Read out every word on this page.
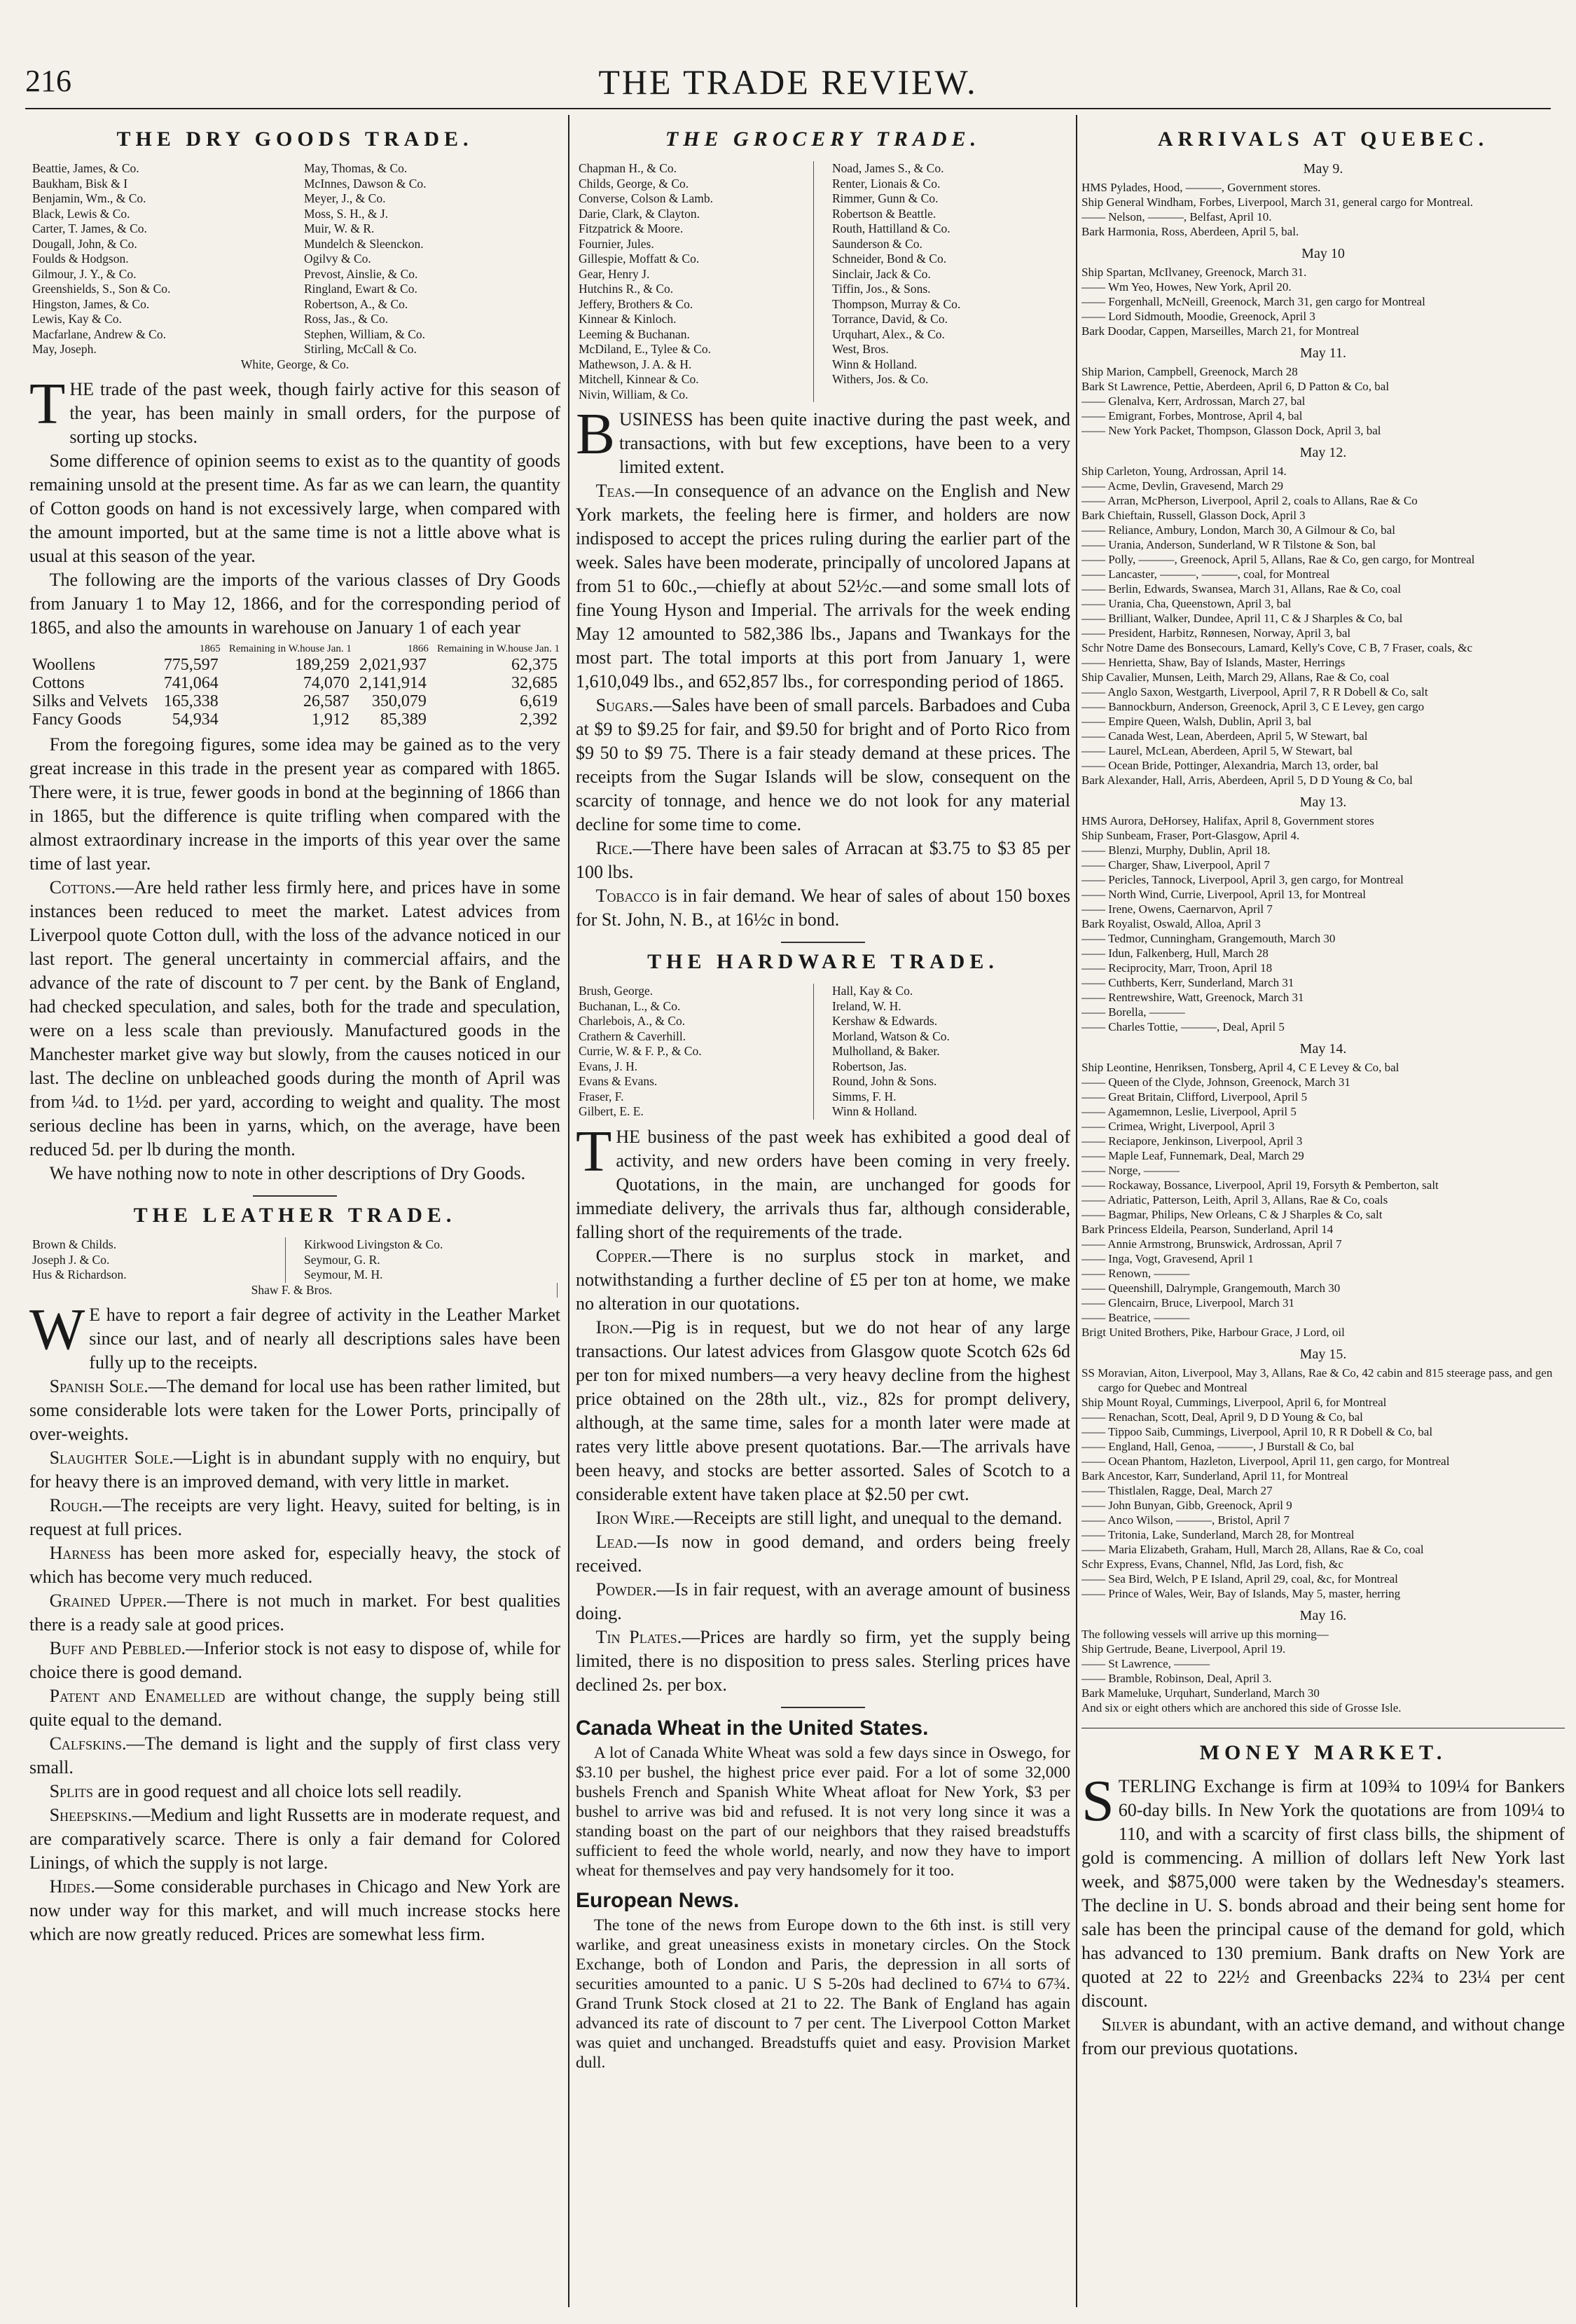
216	THE TRADE REVIEW.
THE DRY GOODS TRADE.
Beattie, James, & Co.	May, Thomas, & Co.
Baukham, Bisk & I	McInnes, Dawson & Co.
Benjamin, Wm., & Co.	Meyer, J., & Co.
Black, Lewis & Co.	Moss, S. H., & J.
Carter, T. James, & Co.	Muir, W. & R.
Dougall, John, & Co.	Mundelch & Sleenckon.
Foulds & Hodgson.	Ogilvy & Co.
Gilmour, J. Y., & Co.	Prevost, Ainslie, & Co.
Greenshields, S., Son & Co.	Ringland, Ewart & Co.
Hingston, James, & Co.	Robertson, A., & Co.
Lewis, Kay & Co.	Ross, Jas., & Co.
Macfarlane, Andrew & Co.	Stephen, William, & Co.
May, Joseph.	Stirling, McCall & Co.
White, George, & Co.

THE trade of the past week, though fairly active for this season of the year, has been mainly in small orders, for the purpose of sorting up stocks.

Some difference of opinion seems to exist as to the quantity of goods remaining unsold at the present time. As far as we can learn, the quantity of Cotton goods on hand is not excessively large, when compared with the amount imported, but at the same time is not a little above what is usual at this season of the year.

The following are the imports of the various classes of Dry Goods from January 1 to May 12, 1866, and for the corresponding period of 1865, and also the amounts in warehouse on January 1 of each year

	1865	Remaining in W.house Jan. 1	1866	Remaining in W.house Jan. 1
Woollens	775,597	189,259	2,021,937	62,375
Cottons	741,064	74,070	2,141,914	32,685
Silks and Velvets	165,338	26,587	350,079	6,619
Fancy Goods	54,934	1,912	85,389	2,392

From the foregoing figures, some idea may be gained as to the very great increase in this trade in the present year as compared with 1865. There were, it is true, fewer goods in bond at the beginning of 1866 than in 1865, but the difference is quite trifling when compared with the almost extraordinary increase in the imports of this year over the same time of last year.

Cottons.—Are held rather less firmly here, and prices have in some instances been reduced to meet the market. Latest advices from Liverpool quote Cotton dull, with the loss of the advance noticed in our last report. The general uncertainty in commercial affairs, and the advance of the rate of discount to 7 per cent. by the Bank of England, had checked speculation, and sales, both for the trade and speculation, were on a less scale than previously. Manufactured goods in the Manchester market give way but slowly, from the causes noticed in our last. The decline on unbleached goods during the month of April was from ¼d. to 1½d. per yard, according to weight and quality. The most serious decline has been in yarns, which, on the average, have been reduced 5d. per lb during the month.

We have nothing now to note in other descriptions of Dry Goods.

THE LEATHER TRADE.
Brown & Childs.	Kirkwood Livingston & Co.
Joseph J. & Co.	Seymour, G. R.
Hus & Richardson.	Seymour, M. H.
Shaw F. & Bros.

W E have to report a fair degree of activity in the Leather Market since our last, and of nearly all descriptions sales have been fully up to the receipts.

Spanish Sole.—The demand for local use has been rather limited, but some considerable lots were taken for the Lower Ports, principally of over-weights.

Slaughter Sole.—Light is in abundant supply with no enquiry, but for heavy there is an improved demand, with very little in market.

Rough.—The receipts are very light. Heavy, suited for belting, is in request at full prices.

Harness has been more asked for, especially heavy, the stock of which has become very much reduced.

Grained Upper.—There is not much in market. For best qualities there is a ready sale at good prices.

Buff and Pebbled.—Inferior stock is not easy to dispose of, while for choice there is good demand.

Patent and Enamelled are without change, the supply being still quite equal to the demand.

Calfskins.—The demand is light and the supply of first class very small.

Splits are in good request and all choice lots sell readily.

Sheepskins.—Medium and light Russetts are in moderate request, and are comparatively scarce. There is only a fair demand for Colored Linings, of which the supply is not large.

Hides.—Some considerable purchases in Chicago and New York are now under way for this market, and will much increase stocks here which are now greatly reduced. Prices are somewhat less firm.

THE GROCERY TRADE.
Chapman H., & Co.	Noad, James S., & Co.
Childs, George, & Co.	Renter, Lionais & Co.
Converse, Colson & Lamb.	Rimmer, Gunn & Co.
Darie, Clark, & Clayton.	Robertson & Beattle.
Fitzpatrick & Moore.	Routh, Hattilland & Co.
Fournier, Jules.	Saunderson & Co.
Gillespie, Moffatt & Co.	Schneider, Bond & Co.
Gear, Henry J.	Sinclair, Jack & Co.
Hutchins R., & Co.	Tiffin, Jos., & Sons.
Jeffery, Brothers & Co.	Thompson, Murray & Co.
Kinnear & Kinloch.	Torrance, David, & Co.
Leeming & Buchanan.	Urquhart, Alex., & Co.
McDiland, E., Tylee & Co.	West, Bros.
Mathewson, J. A. & H.	Winn & Holland.
Mitchell, Kinnear & Co.	Withers, Jos. & Co.
Nivin, William, & Co.

BUSINESS has been quite inactive during the past week, and transactions, with but few exceptions, have been to a very limited extent.

Teas.—In consequence of an advance on the English and New York markets, the feeling here is firmer, and holders are now indisposed to accept the prices ruling during the earlier part of the week. Sales have been moderate, principally of uncolored Japans at from 51 to 60c.,—chiefly at about 52½c.—and some small lots of fine Young Hyson and Imperial. The arrivals for the week ending May 12 amounted to 582,386 lbs., Japans and Twankays for the most part. The total imports at this port from January 1, were 1,610,049 lbs., and 652,857 lbs., for corresponding period of 1865.

Sugars.—Sales have been of small parcels. Barbadoes and Cuba at $9 to $9.25 for fair, and $9.50 for bright and of Porto Rico from $9 50 to $9 75. There is a fair steady demand at these prices. The receipts from the Sugar Islands will be slow, consequent on the scarcity of tonnage, and hence we do not look for any material decline for some time to come.

Rice.—There have been sales of Arracan at $3.75 to $3 85 per 100 lbs.

Tobacco is in fair demand. We hear of sales of about 150 boxes for St. John, N. B., at 16½c in bond.

THE HARDWARE TRADE.
Brush, George.	Hall, Kay & Co.
Buchanan, L., & Co.	Ireland, W. H.
Charlebois, A., & Co.	Kershaw & Edwards.
Crathern & Caverhill.	Morland, Watson & Co.
Currie, W. & F. P., & Co.	Mulholland, & Baker.
Evans, J. H.	Robertson, Jas.
Evans & Evans.	Round, John & Sons.
Fraser, F.	Simms, F. H.
Gilbert, E. E.	Winn & Holland.

THE business of the past week has exhibited a good deal of activity, and new orders have been coming in very freely. Quotations, in the main, are unchanged for goods for immediate delivery, the arrivals thus far, although considerable, falling short of the requirements of the trade.

Copper.—There is no surplus stock in market, and notwithstanding a further decline of £5 per ton at home, we make no alteration in our quotations.

Iron.—Pig is in request, but we do not hear of any large transactions. Our latest advices from Glasgow quote Scotch 62s 6d per ton for mixed numbers—a very heavy decline from the highest price obtained on the 28th ult., viz., 82s for prompt delivery, although, at the same time, sales for a month later were made at rates very little above present quotations. Bar.—The arrivals have been heavy, and stocks are better assorted. Sales of Scotch to a considerable extent have taken place at $2.50 per cwt.

Iron Wire.—Receipts are still light, and unequal to the demand.

Lead.—Is now in good demand, and orders being freely received.

Powder.—Is in fair request, with an average amount of business doing.

Tin Plates.—Prices are hardly so firm, yet the supply being limited, there is no disposition to press sales. Sterling prices have declined 2s. per box.

Canada Wheat in the United States.

A lot of Canada White Wheat was sold a few days since in Oswego, for $3.10 per bushel, the highest price ever paid. For a lot of some 32,000 bushels French and Spanish White Wheat afloat for New York, $3 per bushel to arrive was bid and refused. It is not very long since it was a standing boast on the part of our neighbors that they raised breadstuffs sufficient to feed the whole world, nearly, and now they have to import wheat for themselves and pay very handsomely for it too.

European News.

The tone of the news from Europe down to the 6th inst. is still very warlike, and great uneasiness exists in monetary circles. On the Stock Exchange, both of London and Paris, the depression in all sorts of securities amounted to a panic. U S 5-20s had declined to 67¼ to 67¾. Grand Trunk Stock closed at 21 to 22. The Bank of England has again advanced its rate of discount to 7 per cent. The Liverpool Cotton Market was quiet and unchanged. Breadstuffs quiet and easy. Provision Market dull.

ARRIVALS AT QUEBEC.
May 9.
HMS Pylades, Hood, ———, Government stores.
Ship General Windham, Forbes, Liverpool, March 31, general cargo for Montreal.
—— Nelson, ———, Belfast, April 10.
Bark Harmonia, Ross, Aberdeen, April 5, bal.
May 10
Ship Spartan, McIlvaney, Greenock, March 31.
—— Wm Yeo, Howes, New York, April 20.
—— Forgenhall, McNeill, Greenock, March 31, gen cargo for Montreal
—— Lord Sidmouth, Moodie, Greenock, April 3
Bark Doodar, Cappen, Marseilles, March 21, for Montreal
May 11.
Ship Marion, Campbell, Greenock, March 28
Bark St Lawrence, Pettie, Aberdeen, April 6, D Patton & Co, bal
—— Glenalva, Kerr, Ardrossan, March 27, bal
—— Emigrant, Forbes, Montrose, April 4, bal
—— New York Packet, Thompson, Glasson Dock, April 3, bal
May 12.
Ship Carleton, Young, Ardrossan, April 14.
—— Acme, Devlin, Gravesend, March 29
—— Arran, McPherson, Liverpool, April 2, coals to Allans, Rae & Co
Bark Chieftain, Russell, Glasson Dock, April 3
—— Reliance, Ambury, London, March 30, A Gilmour & Co, bal
—— Urania, Anderson, Sunderland, W R Tilstone & Son, bal
—— Polly, ———, Greenock, April 5, Allans, Rae & Co, gen cargo, for Montreal
—— Lancaster, ———, ———, coal, for Montreal
—— Berlin, Edwards, Swansea, March 31, Allans, Rae & Co, coal
—— Urania, Cha, Queenstown, April 3, bal
—— Brilliant, Walker, Dundee, April 11, C & J Sharples & Co, bal
—— President, Harbitz, Rønnesen, Norway, April 3, bal
Schr Notre Dame des Bonsecours, Lamard, Kelly's Cove, C B, 7 Fraser, coals, &c
—— Henrietta, Shaw, Bay of Islands, Master, Herrings
Ship Cavalier, Munsen, Leith, March 29, Allans, Rae & Co, coal
—— Anglo Saxon, Westgarth, Liverpool, April 7, R R Dobell & Co, salt
—— Bannockburn, Anderson, Greenock, April 3, C E Levey, gen cargo
—— Empire Queen, Walsh, Dublin, April 3, bal
—— Canada West, Lean, Aberdeen, April 5, W Stewart, bal
—— Laurel, McLean, Aberdeen, April 5, W Stewart, bal
—— Ocean Bride, Pottinger, Alexandria, March 13, order, bal
Bark Alexander, Hall, Arris, Aberdeen, April 5, D D Young & Co, bal
May 13.
HMS Aurora, DeHorsey, Halifax, April 8, Government stores
Ship Sunbeam, Fraser, Port-Glasgow, April 4.
—— Blenzi, Murphy, Dublin, April 18.
—— Charger, Shaw, Liverpool, April 7
—— Pericles, Tannock, Liverpool, April 3, gen cargo, for Montreal
—— North Wind, Currie, Liverpool, April 13, for Montreal
—— Irene, Owens, Caernarvon, April 7
Bark Royalist, Oswald, Alloa, April 3
—— Tedmor, Cunningham, Grangemouth, March 30
—— Idun, Falkenberg, Hull, March 28
—— Reciprocity, Marr, Troon, April 18
—— Cuthberts, Kerr, Sunderland, March 31
—— Rentrewshire, Watt, Greenock, March 31
—— Borella, ———
—— Charles Tottie, ———, Deal, April 5
May 14.
Ship Leontine, Henriksen, Tonsberg, April 4, C E Levey & Co, bal
—— Queen of the Clyde, Johnson, Greenock, March 31
—— Great Britain, Clifford, Liverpool, April 5
—— Agamemnon, Leslie, Liverpool, April 5
—— Crimea, Wright, Liverpool, April 3
—— Reciapore, Jenkinson, Liverpool, April 3
—— Maple Leaf, Funnemark, Deal, March 29
—— Norge, ———
—— Rockaway, Bossance, Liverpool, April 19, Forsyth & Pemberton, salt
—— Adriatic, Patterson, Leith, April 3, Allans, Rae & Co, coals
—— Bagmar, Philips, New Orleans, C & J Sharples & Co, salt
Bark Princess Eldeila, Pearson, Sunderland, April 14
—— Annie Armstrong, Brunswick, Ardrossan, April 7
—— Inga, Vogt, Gravesend, April 1
—— Renown, ———
—— Queenshill, Dalrymple, Grangemouth, March 30
—— Glencairn, Bruce, Liverpool, March 31
—— Beatrice, ———
Brigt United Brothers, Pike, Harbour Grace, J Lord, oil
May 15.
SS Moravian, Aiton, Liverpool, May 3, Allans, Rae & Co, 42 cabin and 815 steerage pass, and gen cargo for Quebec and Montreal
Ship Mount Royal, Cummings, Liverpool, April 6, for Montreal
—— Renachan, Scott, Deal, April 9, D D Young & Co, bal
—— Tippoo Saib, Cummings, Liverpool, April 10, R R Dobell & Co, bal
—— England, Hall, Genoa, ———, J Burstall & Co, bal
—— Ocean Phantom, Hazleton, Liverpool, April 11, gen cargo, for Montreal
Bark Ancestor, Karr, Sunderland, April 11, for Montreal
—— Thistlalen, Ragge, Deal, March 27
—— John Bunyan, Gibb, Greenock, April 9
—— Anco Wilson, ———, Bristol, April 7
—— Tritonia, Lake, Sunderland, March 28, for Montreal
—— Maria Elizabeth, Graham, Hull, March 28, Allans, Rae & Co, coal
Schr Express, Evans, Channel, Nfld, Jas Lord, fish, &c
—— Sea Bird, Welch, P E Island, April 29, coal, &c, for Montreal
—— Prince of Wales, Weir, Bay of Islands, May 5, master, herring
May 16.
The following vessels will arrive up this morning—
Ship Gertrude, Beane, Liverpool, April 19.
—— St Lawrence, ———
—— Bramble, Robinson, Deal, April 3.
Bark Mameluke, Urquhart, Sunderland, March 30
And six or eight others which are anchored this side of Grosse Isle.
MONEY MARKET.

STERLING Exchange is firm at 109¾ to 109¼ for Bankers 60-day bills. In New York the quotations are from 109¼ to 110, and with a scarcity of first class bills, the shipment of gold is commencing. A million of dollars left New York last week, and $875,000 were taken by the Wednesday's steamers. The decline in U. S. bonds abroad and their being sent home for sale has been the principal cause of the demand for gold, which has advanced to 130 premium. Bank drafts on New York are quoted at 22 to 22½ and Greenbacks 22¾ to 23¼ per cent discount.

Silver is abundant, with an active demand, and without change from our previous quotations.
